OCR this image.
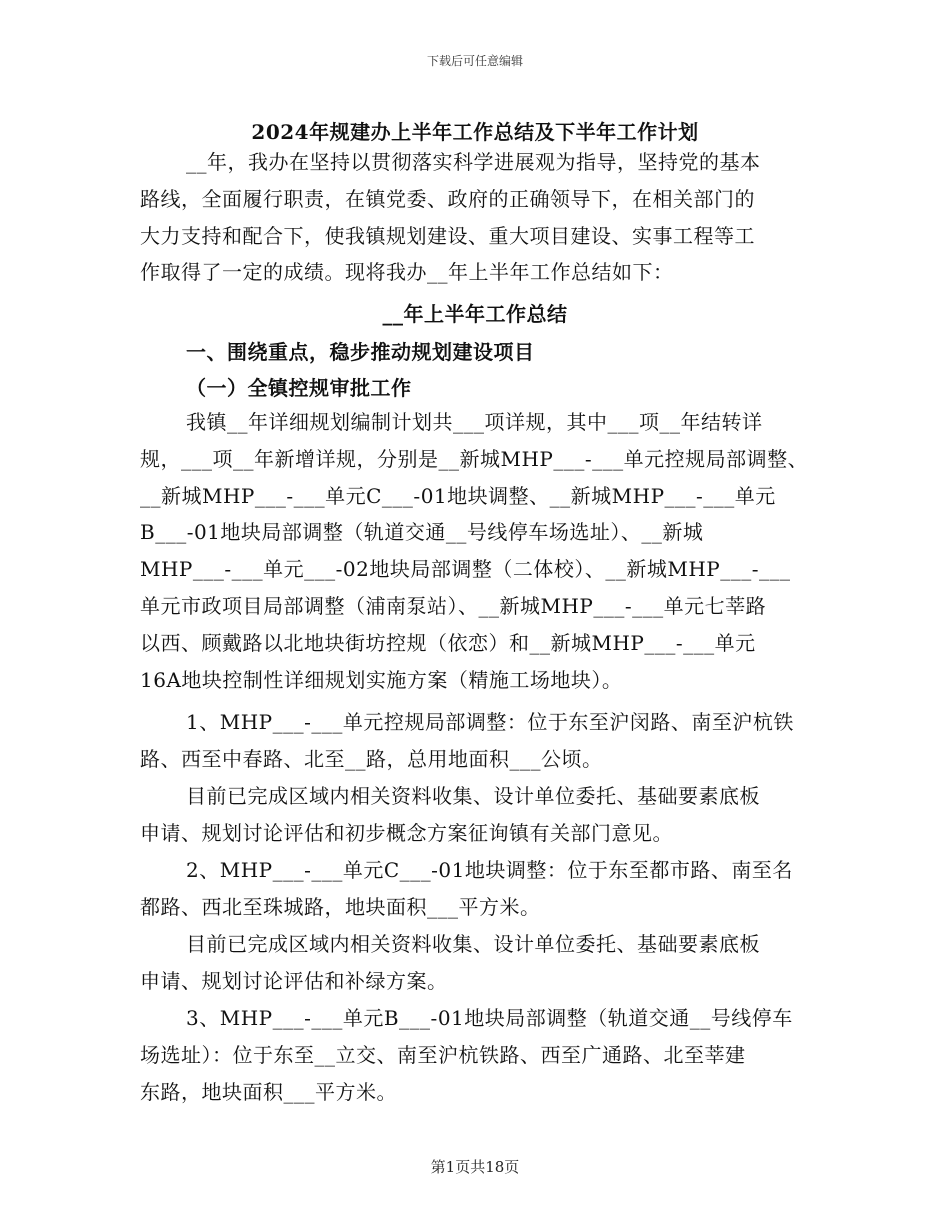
下载后可任意编辑
2024年规建办上半年工作总结及下半年工作计划
__年，我办在坚持以贯彻落实科学进展观为指导，坚持党的基本
路线，全面履行职责，在镇党委、政府的正确领导下，在相关部门的
大力支持和配合下，使我镇规划建设、重大项目建设、实事工程等工
作取得了一定的成绩。现将我办__年上半年工作总结如下：
__年上半年工作总结
一、围绕重点，稳步推动规划建设项目
（一）全镇控规审批工作
我镇__年详细规划编制计划共___项详规，其中___项__年结转详
规，___项__年新增详规，分别是__新城MHP___-___单元控规局部调整、
__新城MHP___-___单元C___-01地块调整、__新城MHP___-___单元
B___-01地块局部调整（轨道交通__号线停车场选址）、__新城
MHP___-___单元___-02地块局部调整（二体校）、__新城MHP___-___
单元市政项目局部调整（浦南泵站）、__新城MHP___-___单元七莘路
以西、顾戴路以北地块街坊控规（依恋）和__新城MHP___-___单元
16A地块控制性详细规划实施方案（精施工场地块）。
1、MHP___-___单元控规局部调整：位于东至沪闵路、南至沪杭铁
路、西至中春路、北至__路，总用地面积___公顷。
目前已完成区域内相关资料收集、设计单位委托、基础要素底板
申请、规划讨论评估和初步概念方案征询镇有关部门意见。
2、MHP___-___单元C___-01地块调整：位于东至都市路、南至名
都路、西北至珠城路，地块面积___平方米。
目前已完成区域内相关资料收集、设计单位委托、基础要素底板
申请、规划讨论评估和补绿方案。
3、MHP___-___单元B___-01地块局部调整（轨道交通__号线停车
场选址）：位于东至__立交、南至沪杭铁路、西至广通路、北至莘建
东路，地块面积___平方米。
第1页共18页
